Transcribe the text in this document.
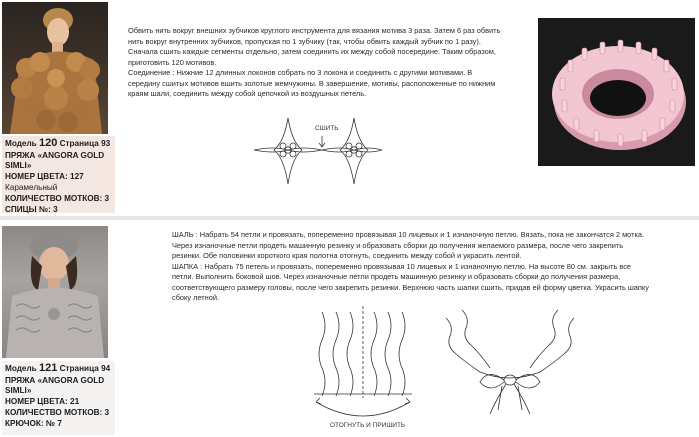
Модель 120 Страница 93
ПРЯЖА «ANGORA GOLD
SIMLI»
НОМЕР ЦВЕТА: 127
Карамельный
КОЛИЧЕСТВО МОТКОВ: 3
СПИЦЫ №: 3

Обвить нить вокруг внешних зубчиков круглого инструмента для вязания мотива 3 раза. Затем 6 раз обвить нить вокруг внутренних зубчиков, пропуская по 1 зубчику (так, чтобы обвить каждый зубчик по 1 разу). Сначала сшить каждые сегменты отдельно, затем соединить их между собой посередине. Таким образом, приготовить 120 мотивов.

Соединение : Нижние 12 длинных локонов собрать по 3 локона и соединить с другими мотивами. В середину сшитых мотивов вшить золотые жемчужины. В завершение, мотивы, расположенные по нижним краям шали, соединить между собой цепочкой из воздушных петель.

СШИТЬ
Модель 121 Страница 94
ПРЯЖА «ANGORA GOLD
SIMLI»
НОМЕР ЦВЕТА: 21
КОЛИЧЕСТВО МОТКОВ: 3
КРЮЧОК: № 7

ШАЛЬ : Набрать 54 петли и провязать, попеременно провязывая 10 лицевых и 1 изнаночную петлю. Вязать, пока не закончатся 2 мотка. Через изнаночные петли продеть машинную резинку и образовать сборки до получения желаемого размера, после чего закрепить резинки. Обе половинки короткого края полотна отогнуть, соединить между собой и украсить лентой.

ШАПКА : Набрать 75 петель и провязать, попеременно провязывая 10 лицевых и 1 изнаночную петлю. На высоте 80 см. закрыть все петли. Выполнить боковой шов. Через изнаночные петли продеть машинную резинку и образовать сборки до получения размера, соответствующего размеру головы, после чего закрепить резинки. Верхнюю часть шапки сшить, придав ей форму цветка. Украсить шапку сбоку летной.

ОТОГНУТЬ И ПРИШИТЬ
